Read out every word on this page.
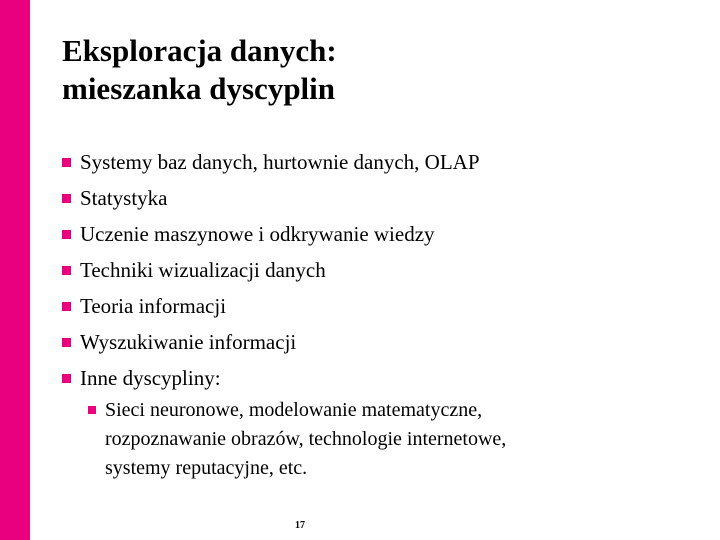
Eksploracja danych:
mieszanka dyscyplin
Systemy baz danych, hurtownie danych, OLAP
Statystyka
Uczenie maszynowe i odkrywanie wiedzy
Techniki wizualizacji danych
Teoria informacji
Wyszukiwanie informacji
Inne dyscypliny:
Sieci neuronowe, modelowanie matematyczne,
rozpoznawanie obrazów, technologie internetowe,
systemy reputacyjne, etc.
17
